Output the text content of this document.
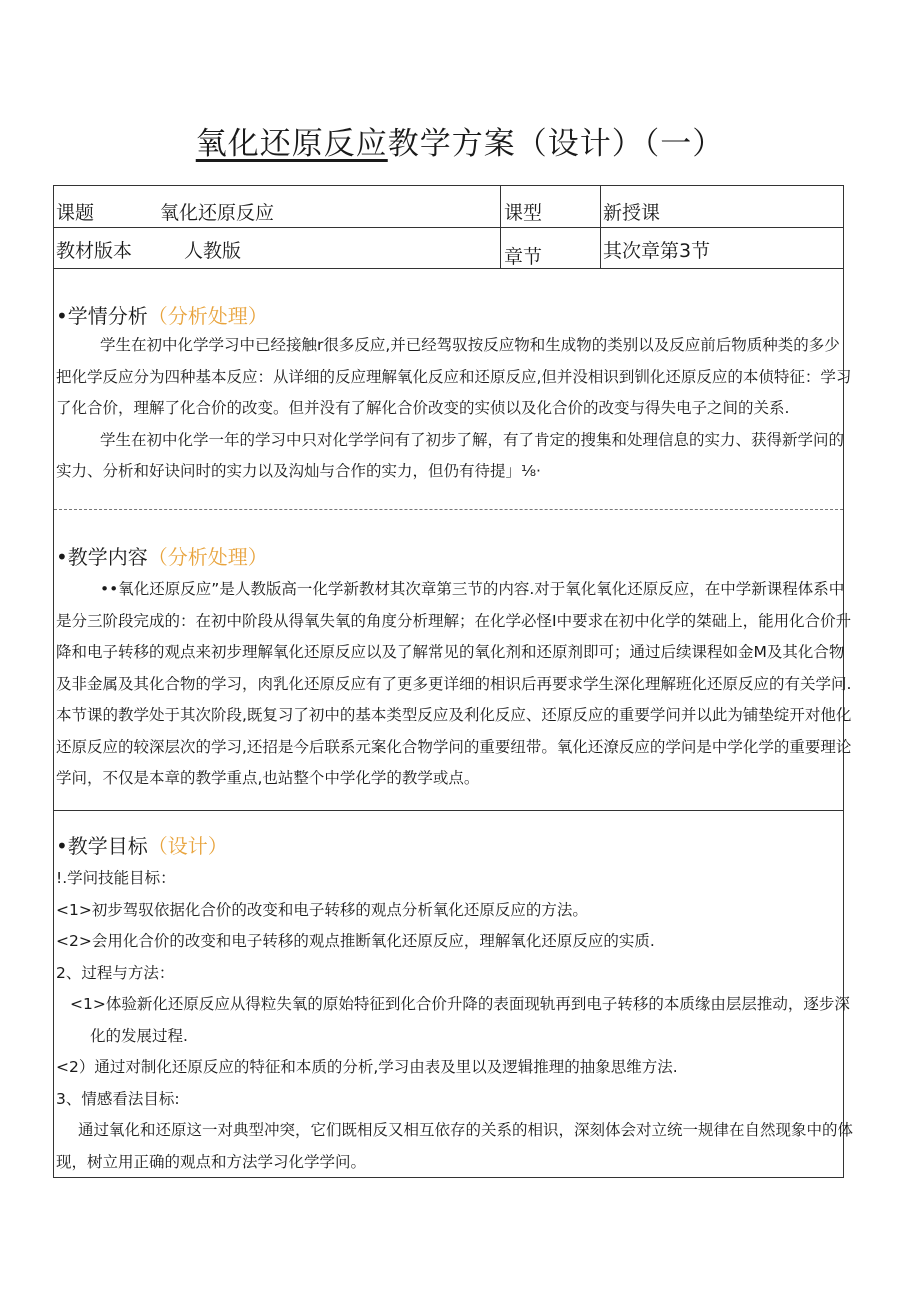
氧化还原反应教学方案（设计）（一）
课题	氧化还原反应	课型	新授课
教材版本	人教版	章节	其次章第3节
•学情分析（分析处理）
学生在初中化学学习中已经接触r很多反应,并已经驾驭按反应物和生成物的类别以及反应前后物质种类的多少
把化学反应分为四种基本反应：从详细的反应理解氧化反应和还原反应,但并没相识到钏化还原反应的本侦特征：学习
了化合价，理解了化合价的改变。但并没有了解化合价改变的实侦以及化合价的改变与得失电子之间的关系.
学生在初中化学一年的学习中只对化学学问有了初步了解，有了肯定的搜集和处理信息的实力、获得新学问的
实力、分析和好诀问时的实力以及沟灿与合作的实力，但仍有待提」⅛·
•教学内容（分析处理）
••氧化还原反应”是人教版高一化学新教材其次章第三节的内容.对于氧化氧化还原反应，在中学新课程体系中
是分三阶段完成的：在初中阶段从得氧失氧的角度分析理解；在化学必怪I中要求在初中化学的桀础上，能用化合价升
降和电子转移的观点来初步理解氧化还原反应以及了解常见的氧化剂和还原剂即可；通过后续课程如金M及其化合物
及非金属及其化合物的学习，肉乳化还原反应有了更多更详细的相识后再要求学生深化理解班化还原反应的有关学问.
本节课的教学处于其次阶段,既复习了初中的基本类型反应及利化反应、还原反应的重要学问并以此为铺垫绽开对他化
还原反应的较深层次的学习,还招是今后联系元案化合物学问的重要纽带。氧化还潦反应的学问是中学化学的重要理论
学问，不仅是本章的教学重点,也站整个中学化学的教学或点。
•教学目标（设计）
!.学问技能目标：
<1>初步驾驭依据化合价的改变和电子转移的观点分析氧化还原反应的方法。
<2>会用化合价的改变和电子转移的观点推断氧化还原反应，理解氧化还原反应的实质.
2、过程与方法：
<1>体验新化还原反应从得粒失氧的原始特征到化合价升降的表面现轨再到电子转移的本质缘由层层推动，逐步深
化的发展过程.
<2）通过对制化还原反应的特征和本质的分析,学习由表及里以及逻辑推理的抽象思维方法.
3、情感看法目标:
通过氧化和还原这一对典型冲突，它们既相反又相互依存的关系的相识，深刻体会对立统一规律在自然现象中的体
现，树立用正确的观点和方法学习化学学问。
